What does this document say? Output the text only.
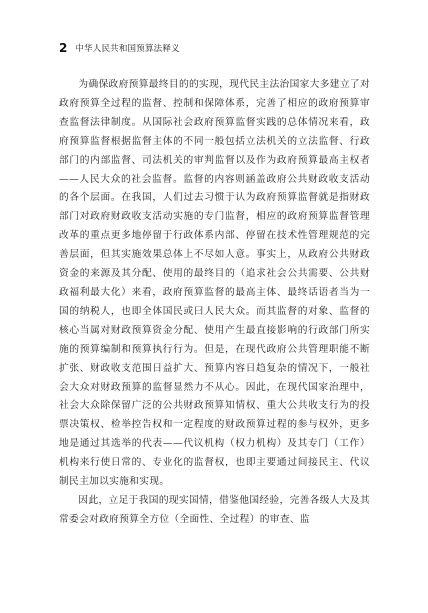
2 中华人民共和国预算法释义

为确保政府预算最终目的的实现，现代民主法治国家大多建立了对政府预算全过程的监督、控制和保障体系，完善了相应的政府预算审查监督法律制度。从国际社会政府预算监督实践的总体情况来看，政府预算监督根据监督主体的不同一般包括立法机关的立法监督、行政部门的内部监督、司法机关的审判监督以及作为政府预算最高主权者——人民大众的社会监督。监督的内容则涵盖政府公共财政收支活动的各个层面。在我国，人们过去习惯于认为政府预算监督就是指财政部门对政府财政收支活动实施的专门监督，相应的政府预算监督管理改革的重点更多地停留于行政体系内部、停留在技术性管理规范的完善层面，但其实施效果总体上不尽如人意。事实上，从政府公共财政资金的来源及其分配、使用的最终目的（追求社会公共需要、公共财政福利最大化）来看，政府预算监督的最高主体、最终话语者当为一国的纳税人，也即全体国民或曰人民大众。而其监督的对象、监督的核心当属对财政预算资金分配、使用产生最直接影响的行政部门所实施的预算编制和预算执行行为。但是，在现代政府公共管理职能不断扩张、财政收支范围日益扩大、预算内容日趋复杂的情况下，一般社会大众对财政预算的监督显然力不从心。因此，在现代国家治理中，社会大众除保留广泛的公共财政预算知情权、重大公共收支行为的投票决策权、检举控告权和一定程度的财政预算过程的参与权外，更多地是通过其选举的代表——代议机构（权力机构）及其专门（工作）机构来行使日常的、专业化的监督权，也即主要通过间接民主、代议制民主加以实施和实现。

因此，立足于我国的现实国情，借鉴他国经验，完善各级人大及其常委会对政府预算全方位（全面性、全过程）的审查、监
